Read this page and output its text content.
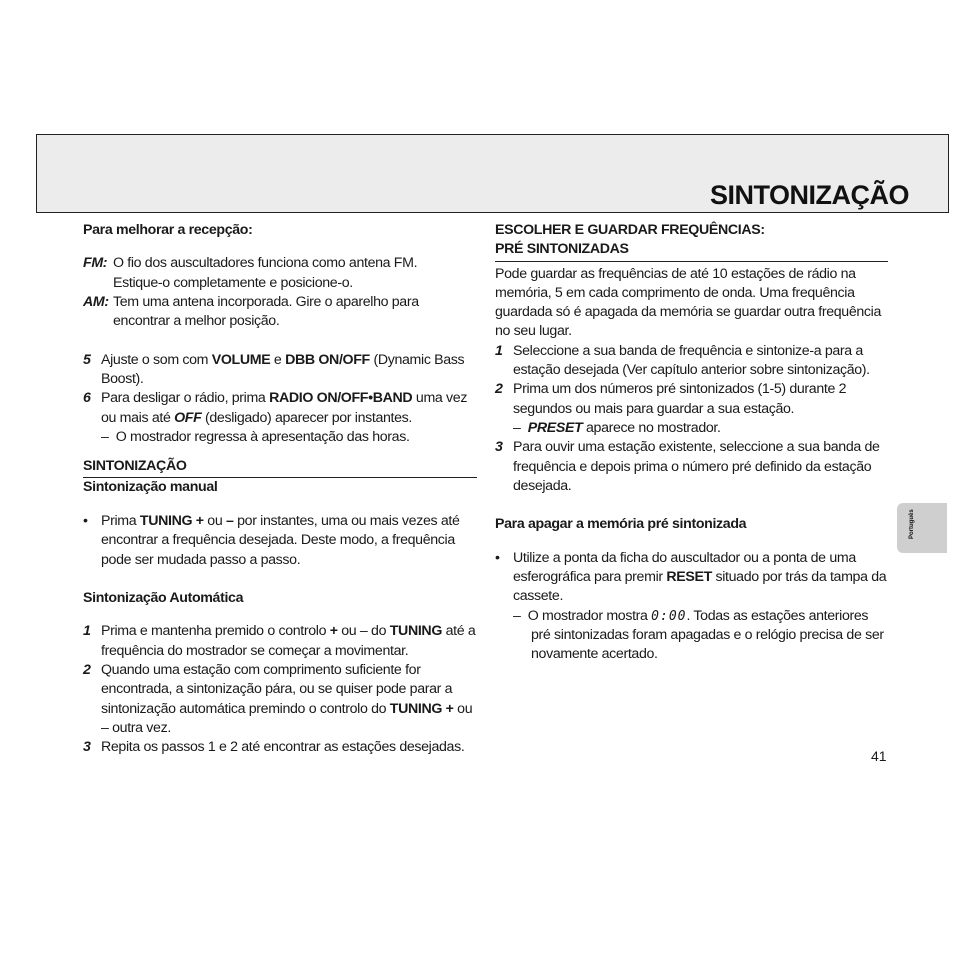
SINTONIZAÇÃO

Para melhorar a recepção:

FM: O fio dos auscultadores funciona como antena FM.
Estique-o completamente e posicione-o.

AM: Tem uma antena incorporada. Gire o aparelho para encontrar a melhor posição.

5 Ajuste o som com VOLUME e DBB ON/OFF (Dynamic Bass Boost).

6 Para desligar o rádio, prima RADIO ON/OFF•BAND uma vez ou mais até OFF (desligado) aparecer por instantes.

–  O mostrador regressa à apresentação das horas.

SINTONIZAÇÃO

Sintonização manual

• Prima TUNING + ou – por instantes, uma ou mais vezes até encontrar a frequência desejada. Deste modo, a frequência pode ser mudada passo a passo.

Sintonização Automática

1 Prima e mantenha premido o controlo + ou – do TUNING até a frequência do mostrador se começar a movimentar.

2 Quando uma estação com comprimento suficiente for encontrada, a sintonização pára, ou se quiser pode parar a sintonização automática premindo o controlo do TUNING + ou – outra vez.

3 Repita os passos 1 e 2 até encontrar as estações desejadas.

ESCOLHER E GUARDAR FREQUÊNCIAS:

PRÉ SINTONIZADAS

Pode guardar as frequências de até 10 estações de rádio na memória, 5 em cada comprimento de onda. Uma frequência guardada só é apagada da memória se guardar outra frequência no seu lugar.

1 Seleccione a sua banda de frequência e sintonize-a para a estação desejada (Ver capítulo anterior sobre sintonização).

2 Prima um dos números pré sintonizados (1-5) durante 2 segundos ou mais para guardar a sua estação.

–  PRESET aparece no mostrador.

3 Para ouvir uma estação existente, seleccione a sua banda de frequência e depois prima o número pré definido da estação desejada.

Para apagar a memória pré sintonizada

• Utilize a ponta da ficha do auscultador ou a ponta de uma esferográfica para premir RESET situado por trás da tampa da cassete.

–  O mostrador mostra 0:00. Todas as estações anteriores pré sintonizadas foram apagadas e o relógio precisa de ser novamente acertado.

Português
41
